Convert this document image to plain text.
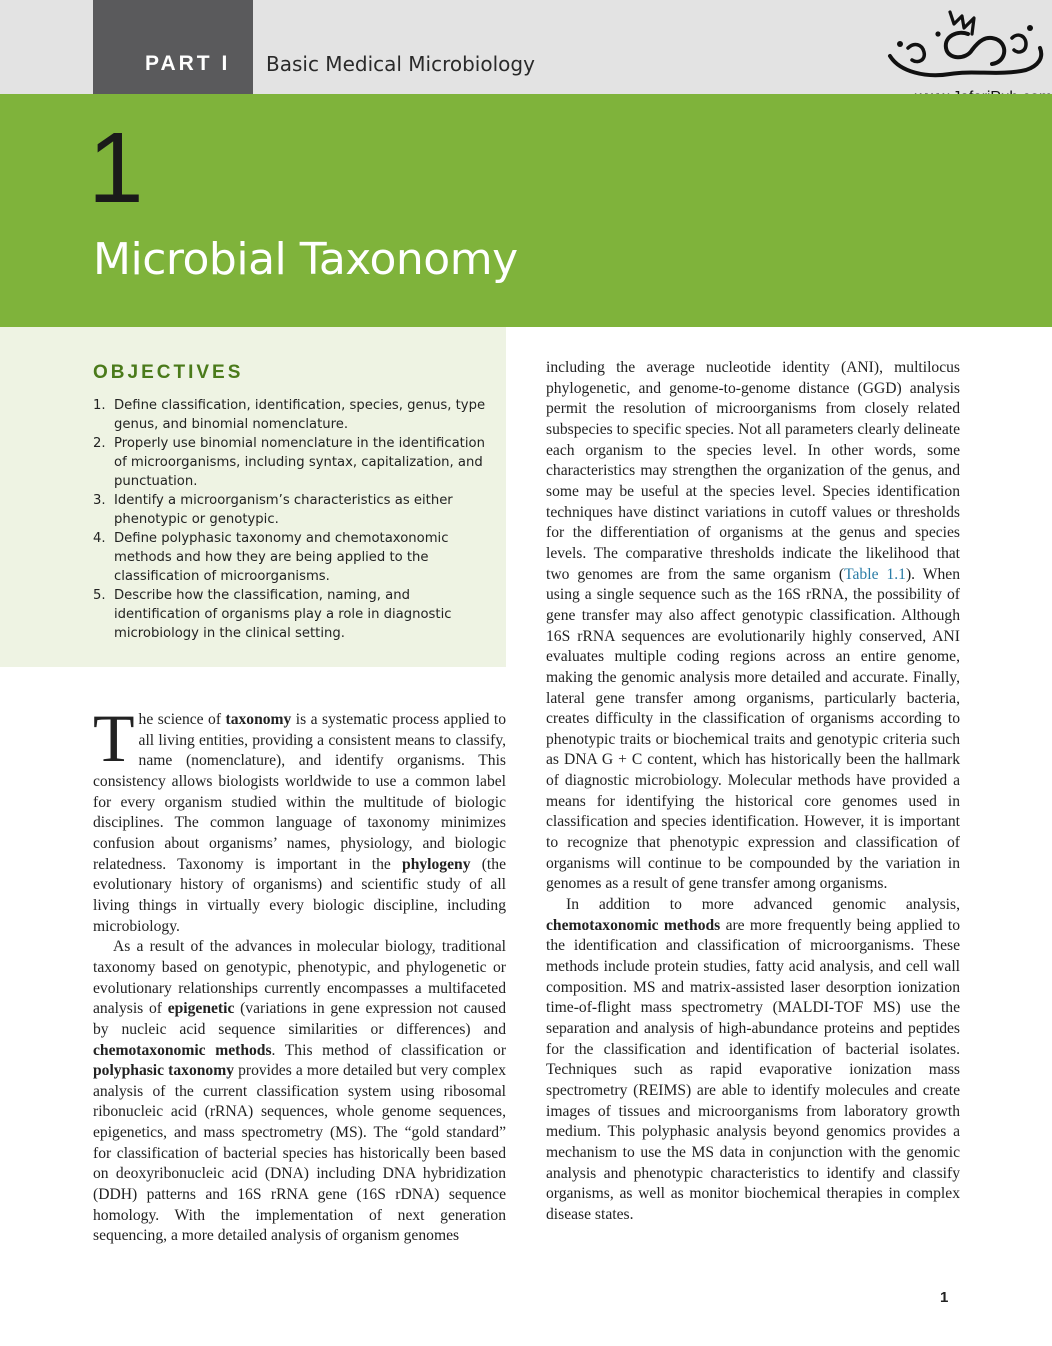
PART I Basic Medical Microbiology
1
Microbial Taxonomy
OBJECTIVES
1. Define classification, identification, species, genus, type genus, and binomial nomenclature.
2. Properly use binomial nomenclature in the identification of microorganisms, including syntax, capitalization, and punctuation.
3. Identify a microorganism’s characteristics as either phenotypic or genotypic.
4. Define polyphasic taxonomy and chemotaxonomic methods and how they are being applied to the classification of microorganisms.
5. Describe how the classification, naming, and identification of organisms play a role in diagnostic microbiology in the clinical setting.

The science of taxonomy is a systematic process applied to all living entities, providing a consistent means to classify, name (nomenclature), and identify organisms. This consistency allows biologists worldwide to use a common label for every organism studied within the multitude of biologic disciplines. The common language of taxonomy minimizes confusion about organisms’ names, physiology, and biologic relatedness. Taxonomy is important in the phylogeny (the evolutionary history of organisms) and scientific study of all living things in virtually every biologic discipline, including microbiology.

As a result of the advances in molecular biology, traditional taxonomy based on genotypic, phenotypic, and phylogenetic or evolutionary relationships currently encompasses a multifaceted analysis of epigenetic (variations in gene expression not caused by nucleic acid sequence similarities or differences) and chemotaxonomic methods. This method of classification or polyphasic taxonomy provides a more detailed but very complex analysis of the current classification system using ribosomal ribonucleic acid (rRNA) sequences, whole genome sequences, epigenetics, and mass spectrometry (MS). The “gold standard” for classification of bacterial species has historically been based on deoxyribonucleic acid (DNA) including DNA hybridization (DDH) patterns and 16S rRNA gene (16S rDNA) sequence homology. With the implementation of next generation sequencing, a more detailed analysis of organism genomes

including the average nucleotide identity (ANI), multilocus phylogenetic, and genome-to-genome distance (GGD) analysis permit the resolution of microorganisms from closely related subspecies to specific species. Not all parameters clearly delineate each organism to the species level. In other words, some characteristics may strengthen the organization of the genus, and some may be useful at the species level. Species identification techniques have distinct variations in cutoff values or thresholds for the differentiation of organisms at the genus and species levels. The comparative thresholds indicate the likelihood that two genomes are from the same organism (Table 1.1). When using a single sequence such as the 16S rRNA, the possibility of gene transfer may also affect genotypic classification. Although 16S rRNA sequences are evolutionarily highly conserved, ANI evaluates multiple coding regions across an entire genome, making the genomic analysis more detailed and accurate. Finally, lateral gene transfer among organisms, particularly bacteria, creates difficulty in the classification of organisms according to phenotypic traits or biochemical traits and genotypic criteria such as DNA G + C content, which has historically been the hallmark of diagnostic microbiology. Molecular methods have provided a means for identifying the historical core genomes used in classification and species identification. However, it is important to recognize that phenotypic expression and classification of organisms will continue to be compounded by the variation in genomes as a result of gene transfer among organisms.

In addition to more advanced genomic analysis, chemotaxonomic methods are more frequently being applied to the identification and classification of microorganisms. These methods include protein studies, fatty acid analysis, and cell wall composition. MS and matrix-assisted laser desorption ionization time-of-flight mass spectrometry (MALDI-TOF MS) use the separation and analysis of high-abundance proteins and peptides for the classification and identification of bacterial isolates. Techniques such as rapid evaporative ionization mass spectrometry (REIMS) are able to identify molecules and create images of tissues and microorganisms from laboratory growth medium. This polyphasic analysis beyond genomics provides a mechanism to use the MS data in conjunction with the genomic analysis and phenotypic characteristics to identify and classify organisms, as well as monitor biochemical therapies in complex disease states.

1
